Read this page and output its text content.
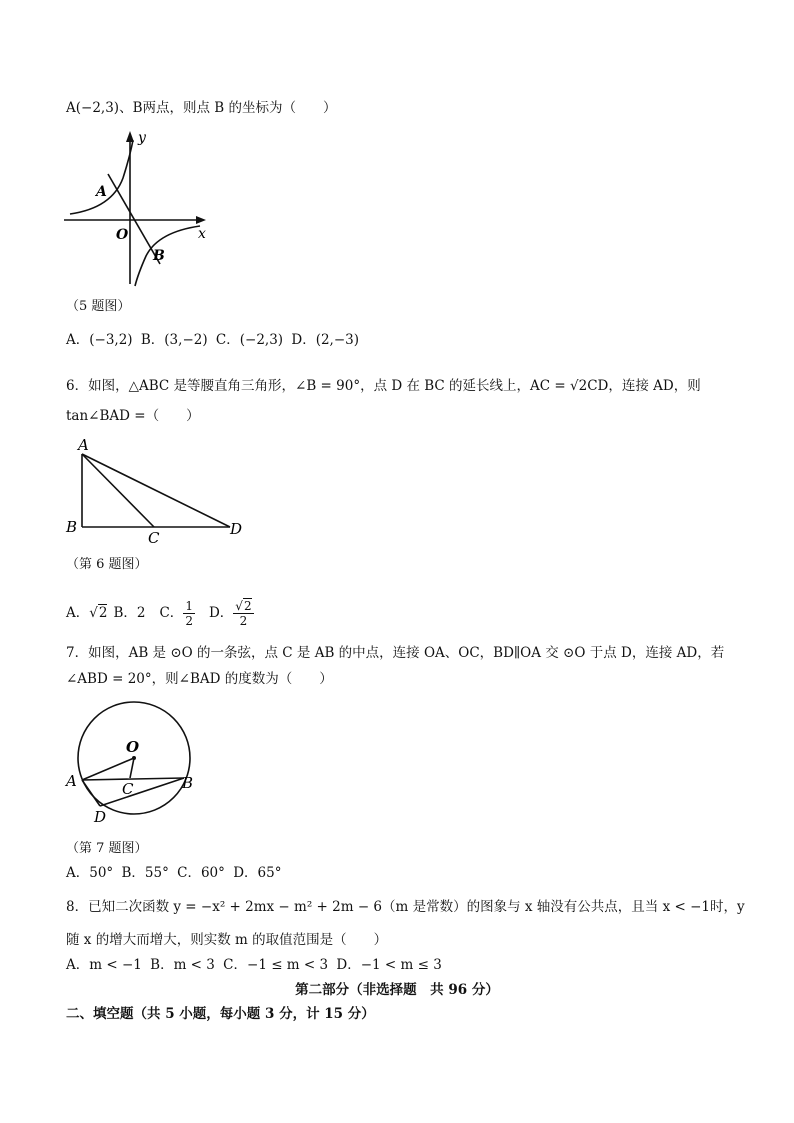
A(−2,3)、B两点，则点 B 的坐标为（　　）
y
x
O
A
B
（5 题图）
A．(−3,2) B．(3,−2) C．(−2,3) D．(2,−3)
6．如图，△ABC 是等腰直角三角形，∠B = 90°，点 D 在 BC 的延长线上，AC = √2CD，连接 AD，则
tan∠BAD =（　　）
A
B
C	D
（第 6 题图）
A． √2 B．2 C． $\frac{1}{2}$ D． $\frac{√2}{2}$
7．如图，AB 是 ⊙O 的一条弦，点 C 是 AB 的中点，连接 OA、OC，BD∥OA 交 ⊙O 于点 D，连接 AD，若
∠ABD = 20°，则∠BAD 的度数为（　　）
O
A	B
C
D
（第 7 题图）
A．50° B．55° C．60° D．65°
8．已知二次函数 y = −x² + 2mx − m² + 2m − 6（m 是常数）的图象与 x 轴没有公共点，且当 x < −1时，y
随 x 的增大而增大，则实数 m 的取值范围是（　　）
A．m < −1 B．m < 3 C．−1 ≤ m < 3 D．−1 < m ≤ 3
第二部分（非选择题　共 96 分）
二、填空题（共 5 小题，每小题 3 分，计 15 分）
